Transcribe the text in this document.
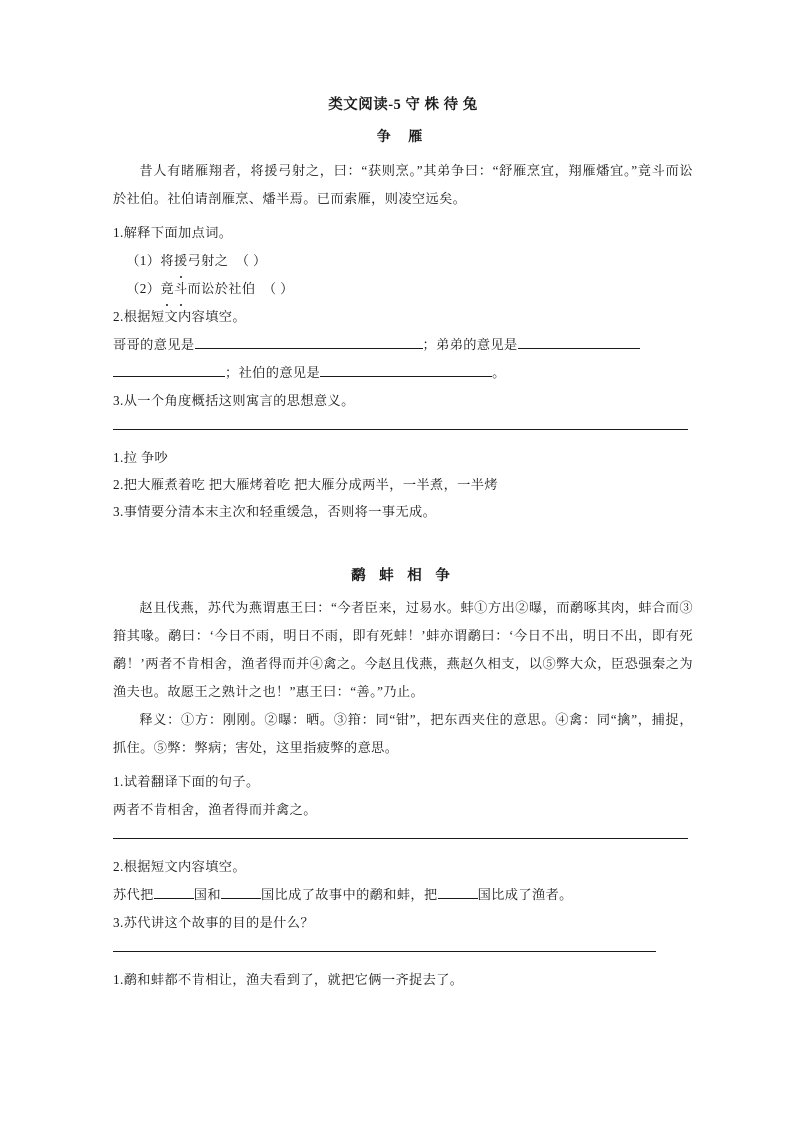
类文阅读-5 守 株 待 兔
争 雁
昔人有睹雁翔者，将援弓射之，曰：“获则烹。”其弟争曰：“舒雁烹宜，翔雁燔宜。”竟斗而讼於社伯。社伯请剖雁烹、燔半焉。已而索雁，则凌空远矣。
1.解释下面加点词。
（1）将援弓射之 （ ）
（2）竟斗而讼於社伯 （ ）
2.根据短文内容填空。
哥哥的意见是	；弟弟的意见是
；社伯的意见是	。
3.从一个角度概括这则寓言的思想意义。
1.拉 争吵
2.把大雁煮着吃 把大雁烤着吃 把大雁分成两半，一半煮，一半烤
3.事情要分清本末主次和轻重缓急，否则将一事无成。
鹬 蚌 相 争
赵且伐燕，苏代为燕谓惠王曰：“今者臣来，过易水。蚌①方出②曝，而鹬啄其肉，蚌合而③箝其喙。鹬曰：‘今日不雨，明日不雨，即有死蚌！’蚌亦谓鹬曰：‘今日不出，明日不出，即有死鹬！’两者不肯相舍，渔者得而并④禽之。今赵且伐燕，燕赵久相支，以⑤弊大众，臣恐强秦之为渔夫也。故愿王之熟计之也！”惠王曰：“善。”乃止。
释义：①方：刚刚。②曝：晒。③箝：同“钳”，把东西夹住的意思。④禽：同“擒”，捕捉，抓住。⑤弊：弊病；害处，这里指疲弊的意思。
1.试着翻译下面的句子。
两者不肯相舍，渔者得而并禽之。
2.根据短文内容填空。
苏代把	国和	国比成了故事中的鹬和蚌，把	国比成了渔者。
3.苏代讲这个故事的目的是什么？
1.鹬和蚌都不肯相让，渔夫看到了，就把它俩一齐捉去了。
